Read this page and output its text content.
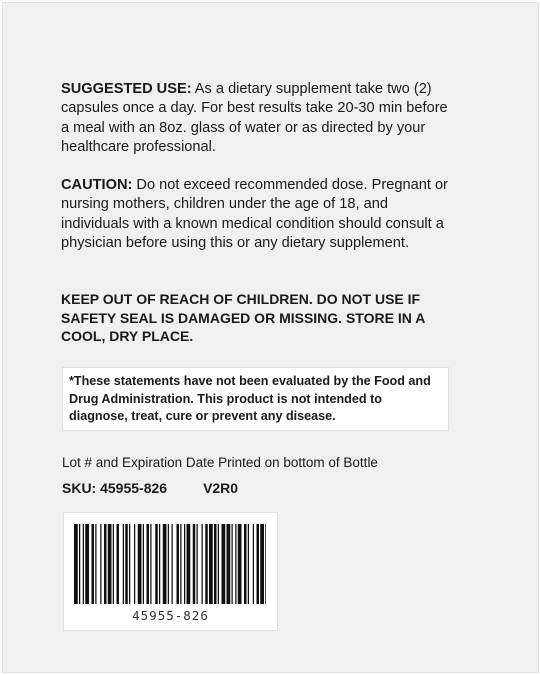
SUGGESTED USE: As a dietary supplement take two (2) capsules once a day. For best results take 20-30 min before a meal with an 8oz. glass of water or as directed by your healthcare professional.

CAUTION: Do not exceed recommended dose. Pregnant or nursing mothers, children under the age of 18, and individuals with a known medical condition should consult a physician before using this or any dietary supplement.

KEEP OUT OF REACH OF CHILDREN. DO NOT USE IF SAFETY SEAL IS DAMAGED OR MISSING. STORE IN A COOL, DRY PLACE.

*These statements have not been evaluated by the Food and Drug Administration. This product is not intended to diagnose, treat, cure or prevent any disease.
Lot # and Expiration Date Printed on bottom of Bottle
SKU: 45955-826	V2R0
45955-826
